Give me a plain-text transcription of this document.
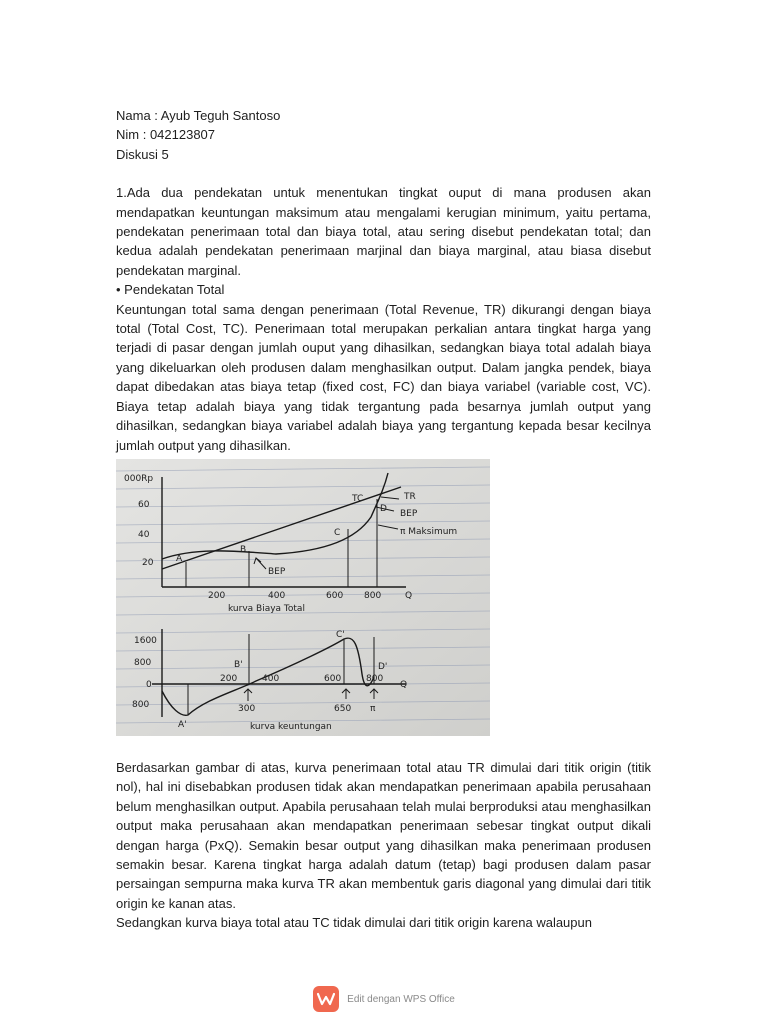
Nama : Ayub Teguh Santoso

Nim : 042123807

Diskusi 5

1.Ada dua pendekatan untuk menentukan tingkat ouput di mana produsen akan mendapatkan keuntungan maksimum atau mengalami kerugian minimum, yaitu pertama, pendekatan penerimaan total dan biaya total, atau sering disebut pendekatan total; dan kedua adalah pendekatan penerimaan marjinal dan biaya marginal, atau biasa disebut pendekatan marginal.

• Pendekatan Total

Keuntungan total sama dengan penerimaan (Total Revenue, TR) dikurangi dengan biaya total (Total Cost, TC). Penerimaan total merupakan perkalian antara tingkat harga yang terjadi di pasar dengan jumlah ouput yang dihasilkan, sedangkan biaya total adalah biaya yang dikeluarkan oleh produsen dalam menghasilkan output. Dalam jangka pendek, biaya dapat dibedakan atas biaya tetap (fixed cost, FC) dan biaya variabel (variable cost, VC). Biaya tetap adalah biaya yang tidak tergantung pada besarnya jumlah output yang dihasilkan, sedangkan biaya variabel adalah biaya yang tergantung kepada besar kecilnya jumlah output yang dihasilkan.

000Rp
60
40
20
200	400	600 800	Q
kurva Biaya Total
TC	TR
BEP
BEP
π Maksimum
A
B
C
D
1600
800
0
800
200
300
400	600
650
800
Q
π
kurva keuntungan
A'
B'
C'
D'

Berdasarkan gambar di atas, kurva penerimaan total atau TR dimulai dari titik origin (titik nol), hal ini disebabkan produsen tidak akan mendapatkan penerimaan apabila perusahaan belum menghasilkan output. Apabila perusahaan telah mulai berproduksi atau menghasilkan output maka perusahaan akan mendapatkan penerimaan sebesar tingkat output dikali dengan harga (PxQ). Semakin besar output yang dihasilkan maka penerimaan produsen semakin besar. Karena tingkat harga adalah datum (tetap) bagi produsen dalam pasar persaingan sempurna maka kurva TR akan membentuk garis diagonal yang dimulai dari titik origin ke kanan atas.

Sedangkan kurva biaya total atau TC tidak dimulai dari titik origin karena walaupun

Edit dengan WPS Office
